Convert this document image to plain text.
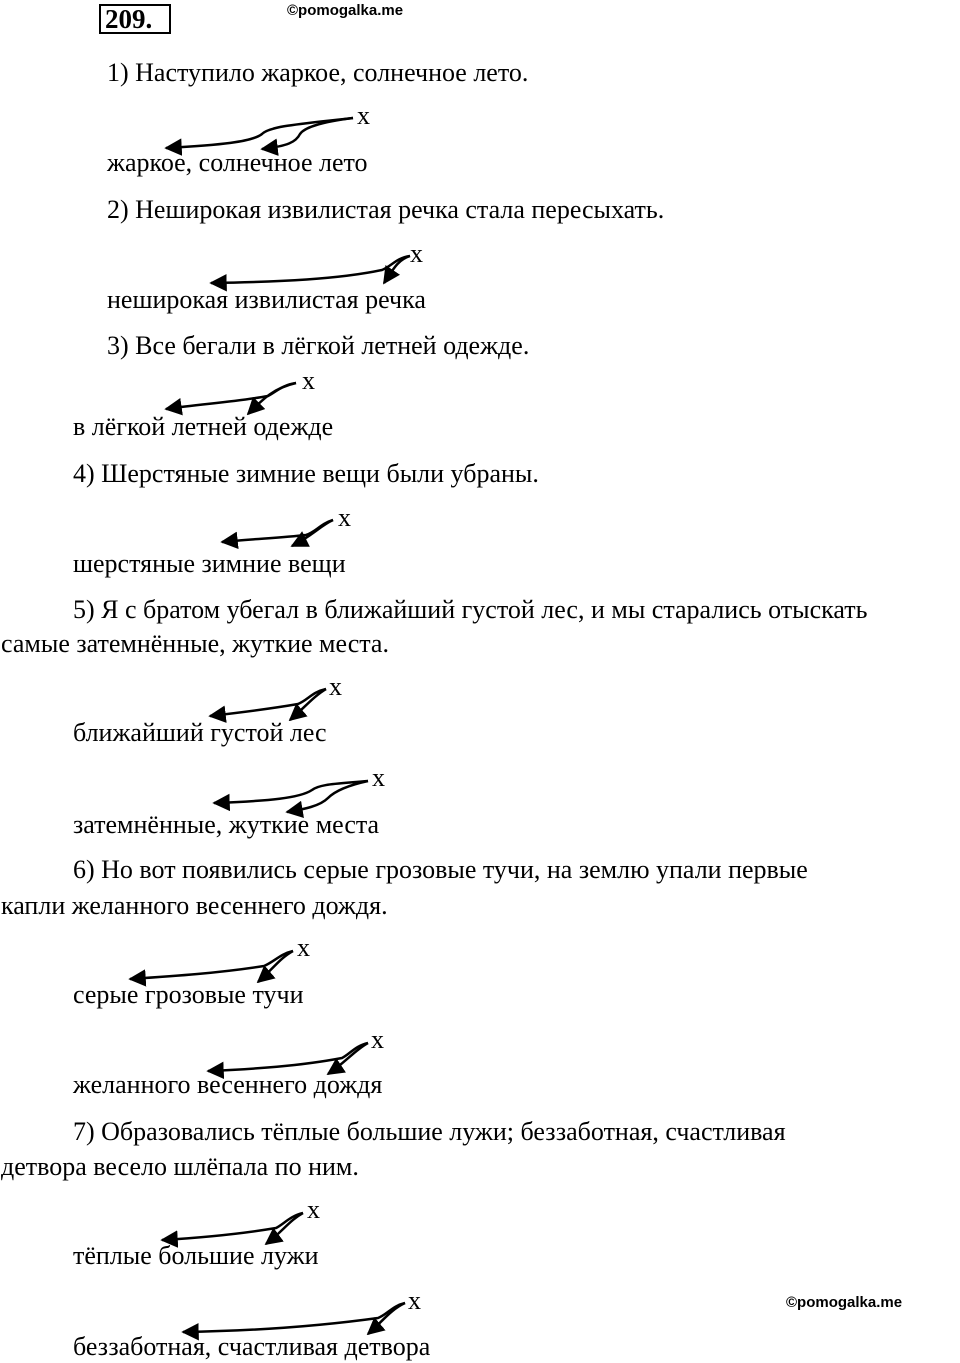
209.	©pomogalka.me
1) Наступило жаркое, солнечное лето.
x
жаркое, солнечное лето
2) Неширокая извилистая речка стала пересыхать.
x
неширокая извилистая речка
3) Все бегали в лёгкой летней одежде.
x
в лёгкой летней одежде
4) Шерстяные зимние вещи были убраны.
x
шерстяные зимние вещи
5) Я с братом убегал в ближайший густой лес, и мы старались отыскать
самые затемнённые, жуткие места.
x
ближайший густой лес
x
затемнённые, жуткие места
6) Но вот появились серые грозовые тучи, на землю упали первые
капли желанного весеннего дождя.
x
серые грозовые тучи
x
желанного весеннего дождя
7) Образовались тёплые большие лужи; беззаботная, счастливая
детвора весело шлёпала по ним.
x
тёплые большие лужи
x
беззаботная, счастливая детвора
©pomogalka.me
